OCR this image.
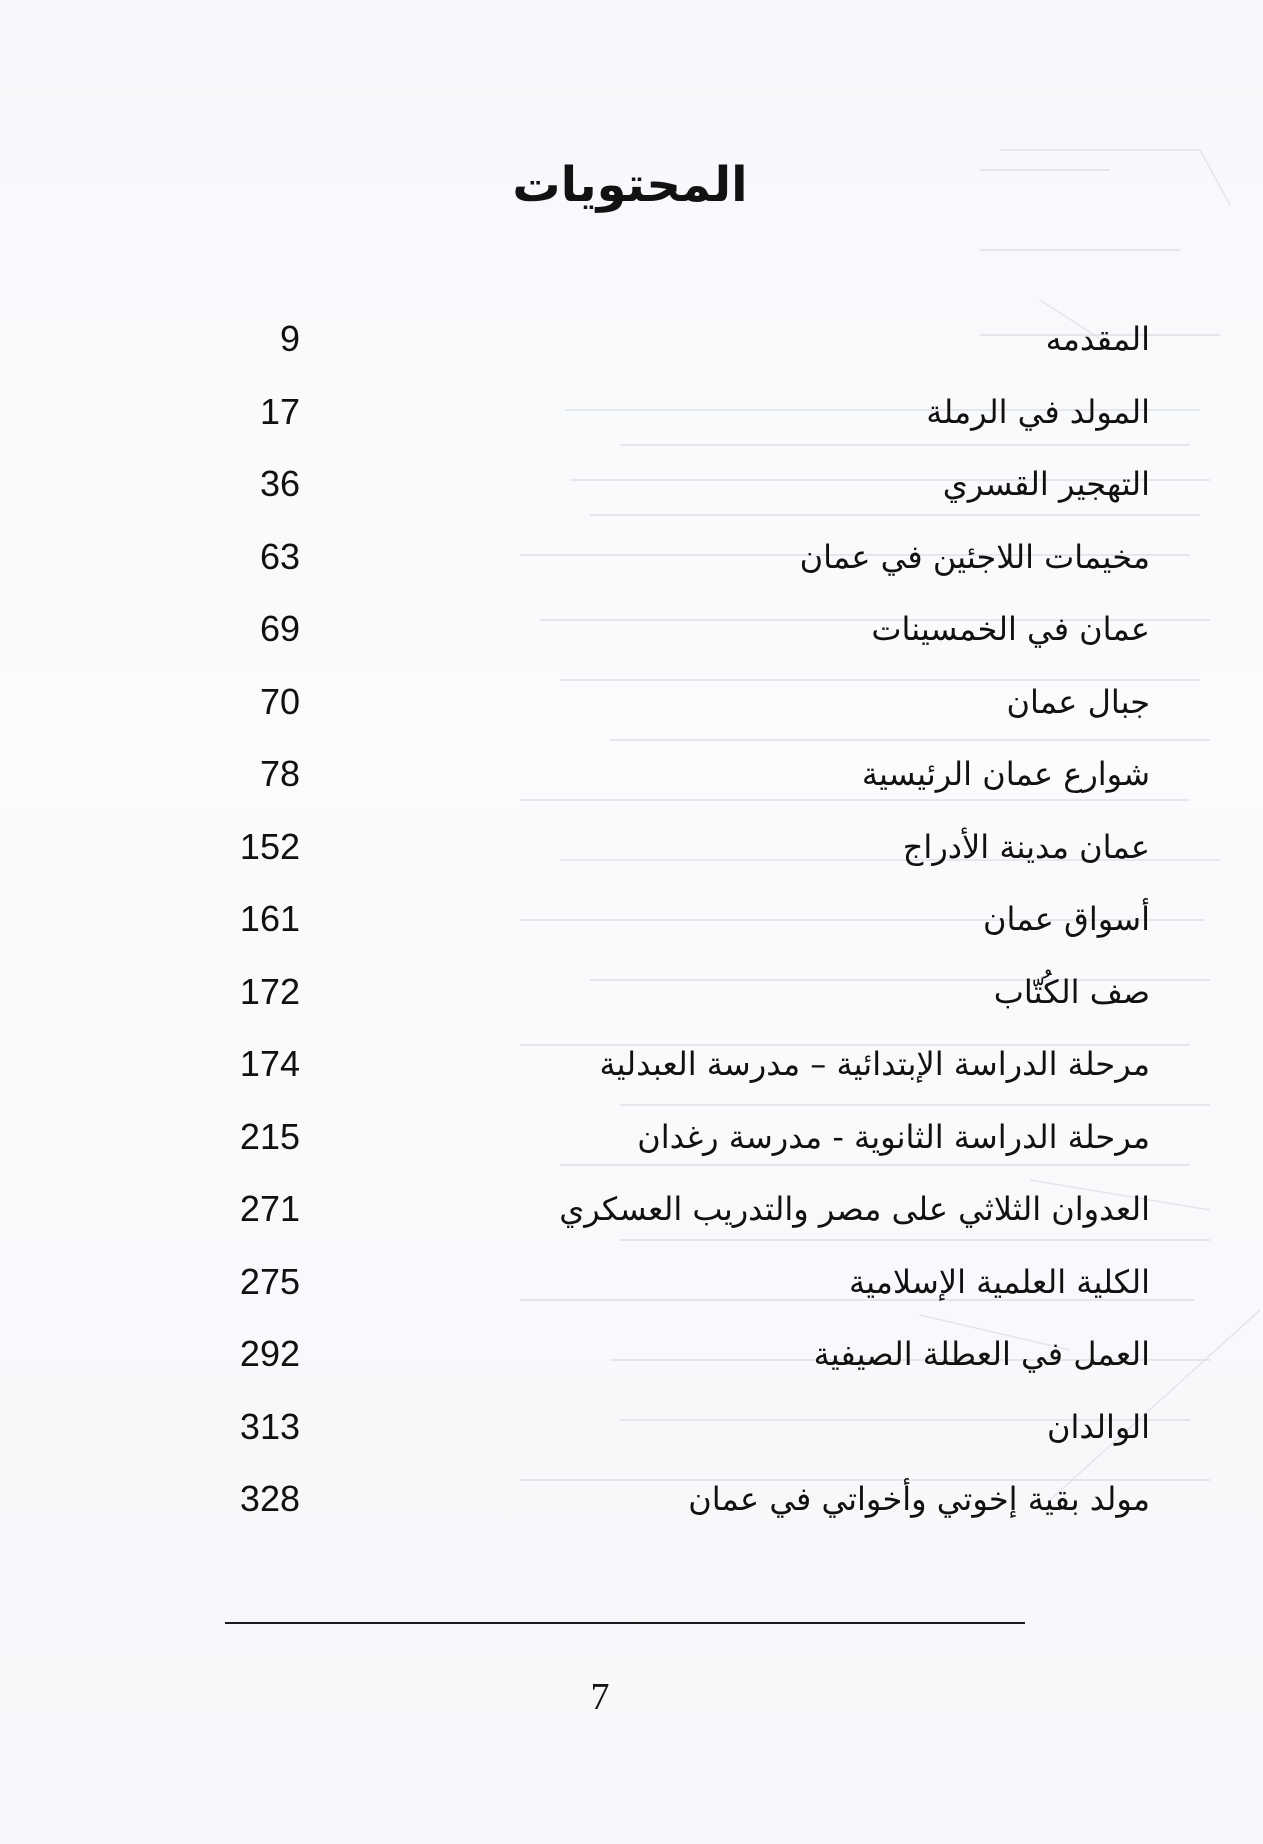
المحتويات
المقدمه
9
المولد في الرملة
17
التهجير القسري
36
مخيمات اللاجئين في عمان
63
عمان في الخمسينات
69
جبال عمان
70
شوارع عمان الرئيسية
78
عمان مدينة الأدراج
152
أسواق عمان
161
صف الكُتّاب
172
مرحلة الدراسة الإبتدائية – مدرسة العبدلية
174
مرحلة الدراسة الثانوية - مدرسة رغدان
215
العدوان الثلاثي على مصر والتدريب العسكري
271
الكلية العلمية الإسلامية
275
العمل في العطلة الصيفية
292
الوالدان
313
مولد بقية إخوتي وأخواتي في عمان
328
7
